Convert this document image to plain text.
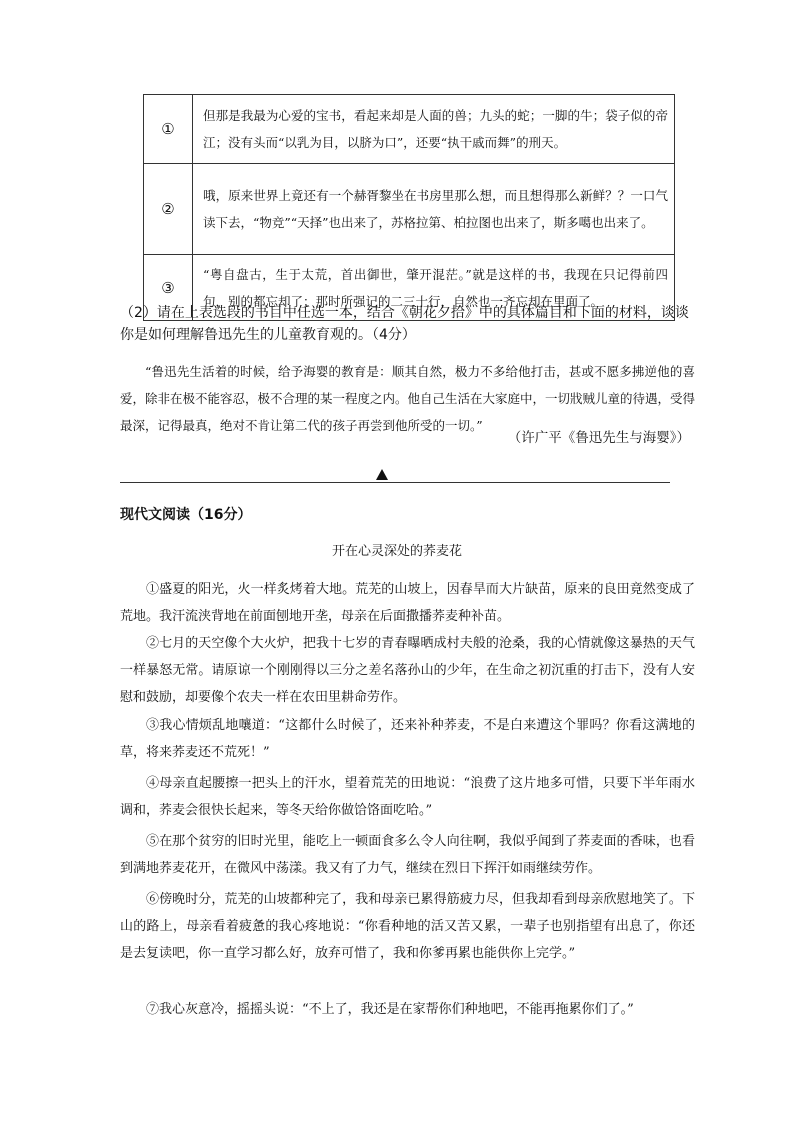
①	但那是我最为心爱的宝书，看起来却是人面的兽；九头的蛇；一脚的牛；袋子似的帝江；没有头而“以乳为目，以脐为口”，还要“执干戚而舞”的刑天。
②	哦，原来世界上竟还有一个赫胥黎坐在书房里那么想，而且想得那么新鲜？？一口气读下去，“物竞”“天择”也出来了，苏格拉第、柏拉图也出来了，斯多噶也出来了。
③	“粤自盘古，生于太荒，首出御世，肇开混茫。”就是这样的书，我现在只记得前四句，别的都忘却了；那时所强记的二三十行，自然也一齐忘却在里面了。
（2）请在上表选段的书目中任选一本，结合《朝花夕拾》中的具体篇目和下面的材料，谈谈你是如何理解鲁迅先生的儿童教育观的。（4分）
“鲁迅先生活着的时候，给予海婴的教育是：顺其自然，极力不多给他打击，甚或不愿多拂逆他的喜爱，除非在极不能容忍，极不合理的某一程度之内。他自己生活在大家庭中，一切戕贼儿童的待遇，受得最深，记得最真，绝对不肯让第二代的孩子再尝到他所受的一切。”
（许广平《鲁迅先生与海婴》）
现代文阅读（16分）
开在心灵深处的荞麦花
①盛夏的阳光，火一样炙烤着大地。荒芜的山坡上，因春旱而大片缺苗，原来的良田竟然变成了荒地。我汗流浃背地在前面刨地开垄，母亲在后面撒播荞麦种补苗。
②七月的天空像个大火炉，把我十七岁的青春曝晒成村夫般的沧桑，我的心情就像这暴热的天气一样暴怒无常。请原谅一个刚刚得以三分之差名落孙山的少年，在生命之初沉重的打击下，没有人安慰和鼓励，却要像个农夫一样在农田里耕命劳作。
③我心情烦乱地嚷道：“这都什么时候了，还来补种荞麦，不是白来遭这个罪吗？你看这满地的草，将来荞麦还不荒死！”
④母亲直起腰擦一把头上的汗水，望着荒芜的田地说：“浪费了这片地多可惜，只要下半年雨水调和，荞麦会很快长起来，等冬天给你做饸饹面吃哈。”
⑤在那个贫穷的旧时光里，能吃上一顿面食多么令人向往啊，我似乎闻到了荞麦面的香味，也看到满地荞麦花开，在微风中荡漾。我又有了力气，继续在烈日下挥汗如雨继续劳作。
⑥傍晚时分，荒芜的山坡都种完了，我和母亲已累得筋疲力尽，但我却看到母亲欣慰地笑了。下山的路上，母亲看着疲惫的我心疼地说：“你看种地的活又苦又累，一辈子也别指望有出息了，你还是去复读吧，你一直学习都么好，放弃可惜了，我和你爹再累也能供你上完学。”
⑦我心灰意冷，摇摇头说：“不上了，我还是在家帮你们种地吧，不能再拖累你们了。”
